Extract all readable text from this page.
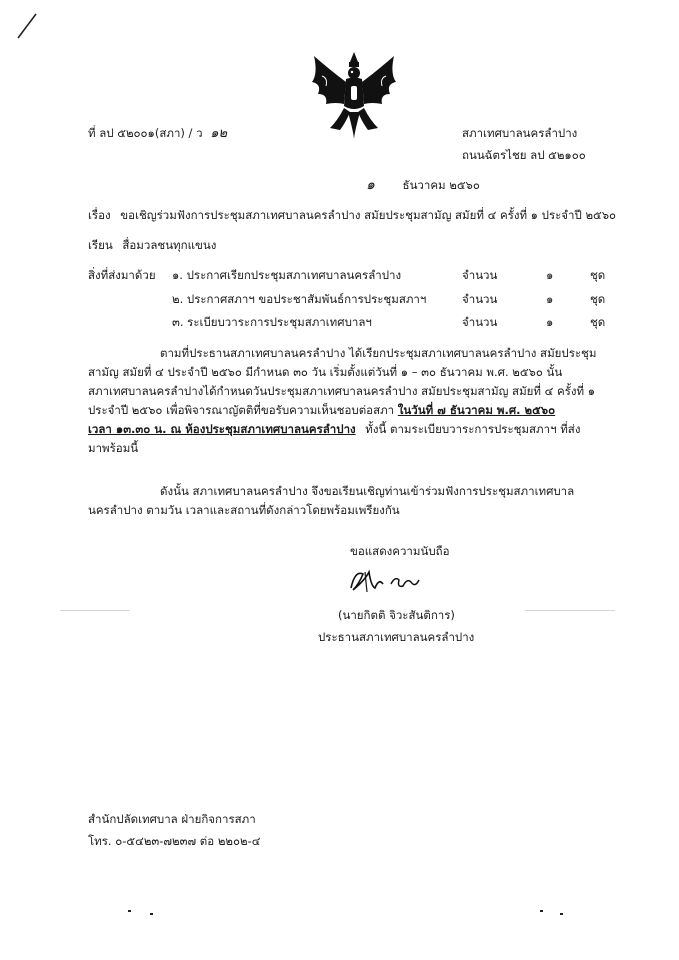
ที่ ลป ๕๒๐๐๑(สภา) / ว ๑๒	สภาเทศบาลนครลำปาง
ถนนฉัตรไชย ลป ๕๒๑๐๐
๑ ธันวาคม ๒๕๖๐
เรื่อง ขอเชิญร่วมฟังการประชุมสภาเทศบาลนครลำปาง สมัยประชุมสามัญ สมัยที่ ๔ ครั้งที่ ๑ ประจำปี ๒๕๖๐
เรียน สื่อมวลชนทุกแขนง
สิ่งที่ส่งมาด้วย ๑. ประกาศเรียกประชุมสภาเทศบาลนครลำปาง	จำนวน	๑	ชุด
๒. ประกาศสภาฯ ขอประชาสัมพันธ์การประชุมสภาฯ	จำนวน	๑	ชุด
๓. ระเบียบวาระการประชุมสภาเทศบาลฯ	จำนวน	๑	ชุด
ตามที่ประธานสภาเทศบาลนครลำปาง ได้เรียกประชุมสภาเทศบาลนครลำปาง สมัยประชุม
สามัญ สมัยที่ ๔ ประจำปี ๒๕๖๐ มีกำหนด ๓๐ วัน เริ่มตั้งแต่วันที่ ๑ – ๓๐ ธันวาคม พ.ศ. ๒๕๖๐ นั้น
สภาเทศบาลนครลำปางได้กำหนดวันประชุมสภาเทศบาลนครลำปาง สมัยประชุมสามัญ สมัยที่ ๔ ครั้งที่ ๑
ประจำปี ๒๕๖๐ เพื่อพิจารณาญัตติที่ขอรับความเห็นชอบต่อสภา ในวันที่ ๗ ธันวาคม พ.ศ. ๒๕๖๐
เวลา ๑๓.๓๐ น. ณ ห้องประชุมสภาเทศบาลนครลำปาง ทั้งนี้ ตามระเบียบวาระการประชุมสภาฯ ที่ส่ง
มาพร้อมนี้
ดังนั้น สภาเทศบาลนครลำปาง จึงขอเรียนเชิญท่านเข้าร่วมฟังการประชุมสภาเทศบาล
นครลำปาง ตามวัน เวลาและสถานที่ดังกล่าวโดยพร้อมเพรียงกัน
ขอแสดงความนับถือ
(นายกิตติ จิวะสันติการ)
ประธานสภาเทศบาลนครลำปาง
สำนักปลัดเทศบาล ฝ่ายกิจการสภา
โทร. ๐-๕๔๒๓-๗๒๓๗ ต่อ ๒๒๐๒-๔
